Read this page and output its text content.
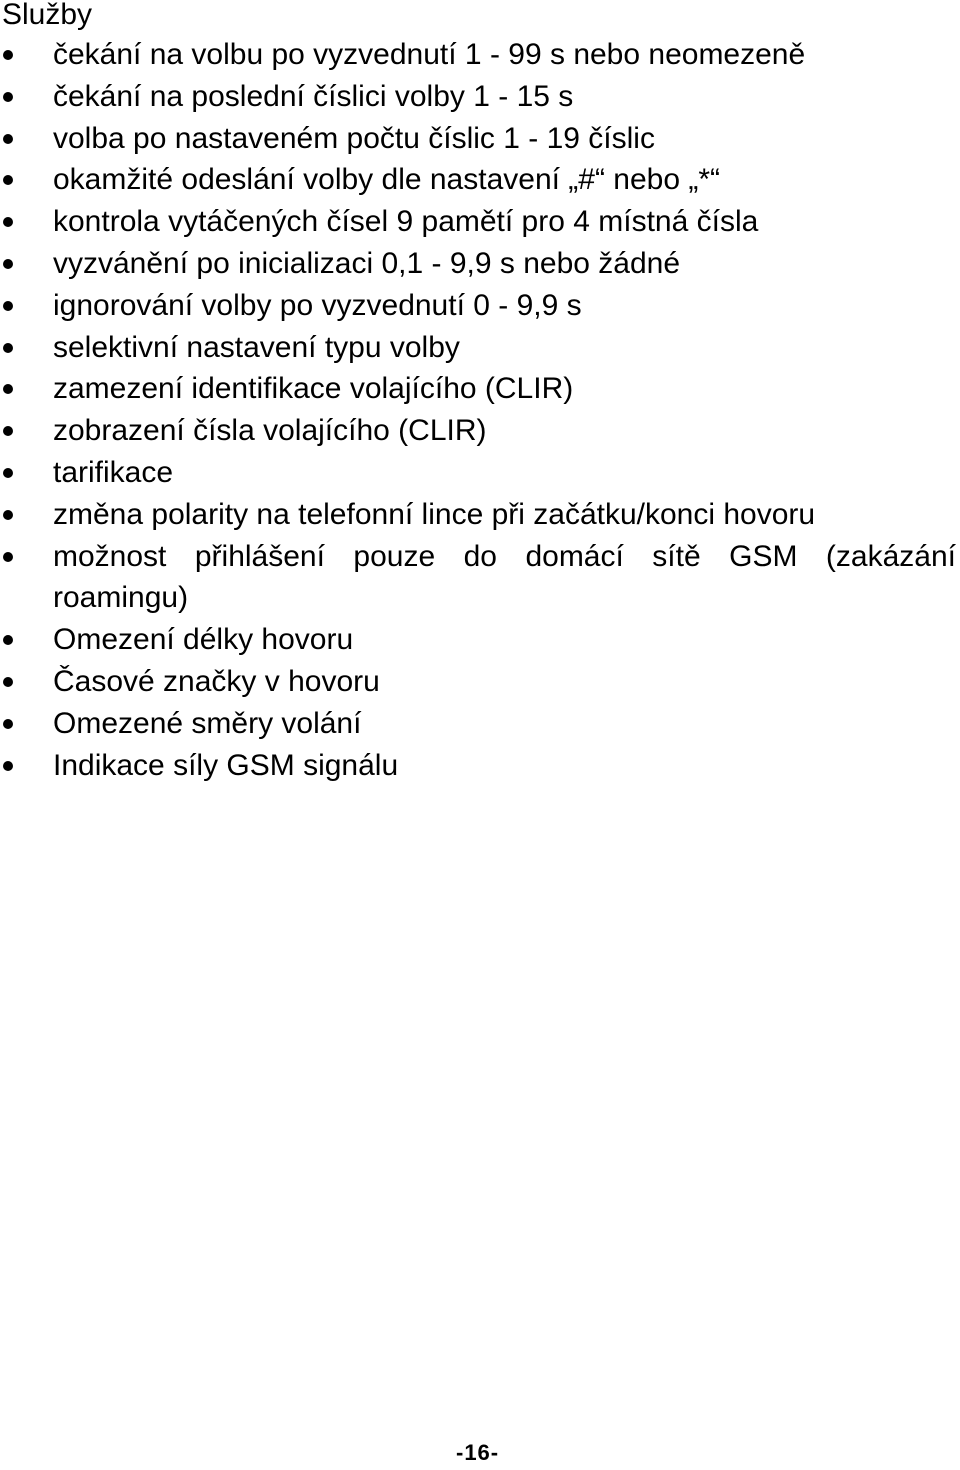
Služby
čekání na volbu po vyzvednutí 1 - 99 s nebo neomezeně
čekání na poslední číslici volby 1 - 15 s
volba po nastaveném počtu číslic 1 - 19 číslic
okamžité odeslání volby dle nastavení „#“ nebo „*“
kontrola vytáčených čísel 9 pamětí pro 4 místná čísla
vyzvánění po inicializaci 0,1 - 9,9 s nebo žádné
ignorování volby po vyzvednutí 0 - 9,9 s
selektivní nastavení typu volby
zamezení identifikace volajícího (CLIR)
zobrazení čísla volajícího (CLIR)
tarifikace
změna polarity na telefonní lince při začátku/konci hovoru
možnost přihlášení pouze do domácí sítě GSM (zakázání roamingu)
Omezení délky hovoru
Časové značky v hovoru
Omezené směry volání
Indikace síly GSM signálu
-16-
